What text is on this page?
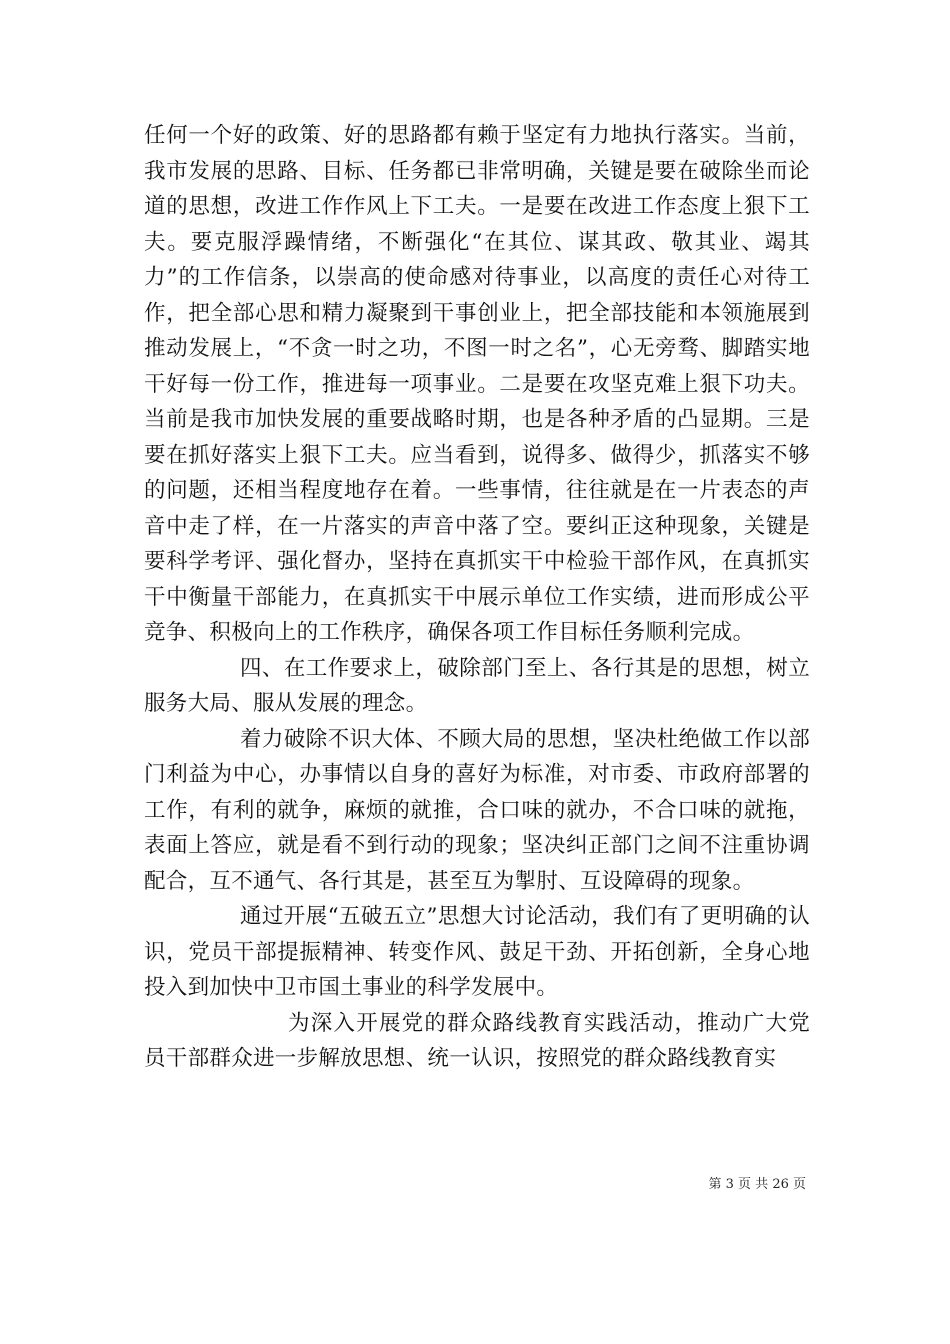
任何一个好的政策、好的思路都有赖于坚定有力地执行落实。当前，我市发展的思路、目标、任务都已非常明确，关键是要在破除坐而论道的思想，改进工作作风上下工夫。一是要在改进工作态度上狠下工夫。要克服浮躁情绪，不断强化“在其位、谋其政、敬其业、竭其力”的工作信条，以崇高的使命感对待事业，以高度的责任心对待工作，把全部心思和精力凝聚到干事创业上，把全部技能和本领施展到推动发展上，“不贪一时之功，不图一时之名”，心无旁骛、脚踏实地干好每一份工作，推进每一项事业。二是要在攻坚克难上狠下功夫。当前是我市加快发展的重要战略时期，也是各种矛盾的凸显期。三是要在抓好落实上狠下工夫。应当看到，说得多、做得少，抓落实不够的问题，还相当程度地存在着。一些事情，往往就是在一片表态的声音中走了样，在一片落实的声音中落了空。要纠正这种现象，关键是要科学考评、强化督办，坚持在真抓实干中检验干部作风，在真抓实干中衡量干部能力，在真抓实干中展示单位工作实绩，进而形成公平竞争、积极向上的工作秩序，确保各项工作目标任务顺利完成。

四、在工作要求上，破除部门至上、各行其是的思想，树立服务大局、服从发展的理念。

着力破除不识大体、不顾大局的思想，坚决杜绝做工作以部门利益为中心，办事情以自身的喜好为标准，对市委、市政府部署的工作，有利的就争，麻烦的就推，合口味的就办，不合口味的就拖，表面上答应，就是看不到行动的现象；坚决纠正部门之间不注重协调配合，互不通气、各行其是，甚至互为掣肘、互设障碍的现象。

通过开展“五破五立”思想大讨论活动，我们有了更明确的认识，党员干部提振精神、转变作风、鼓足干劲、开拓创新，全身心地投入到加快中卫市国土事业的科学发展中。

为深入开展党的群众路线教育实践活动，推动广大党员干部群众进一步解放思想、统一认识，按照党的群众路线教育实

第 3 页 共 26 页
